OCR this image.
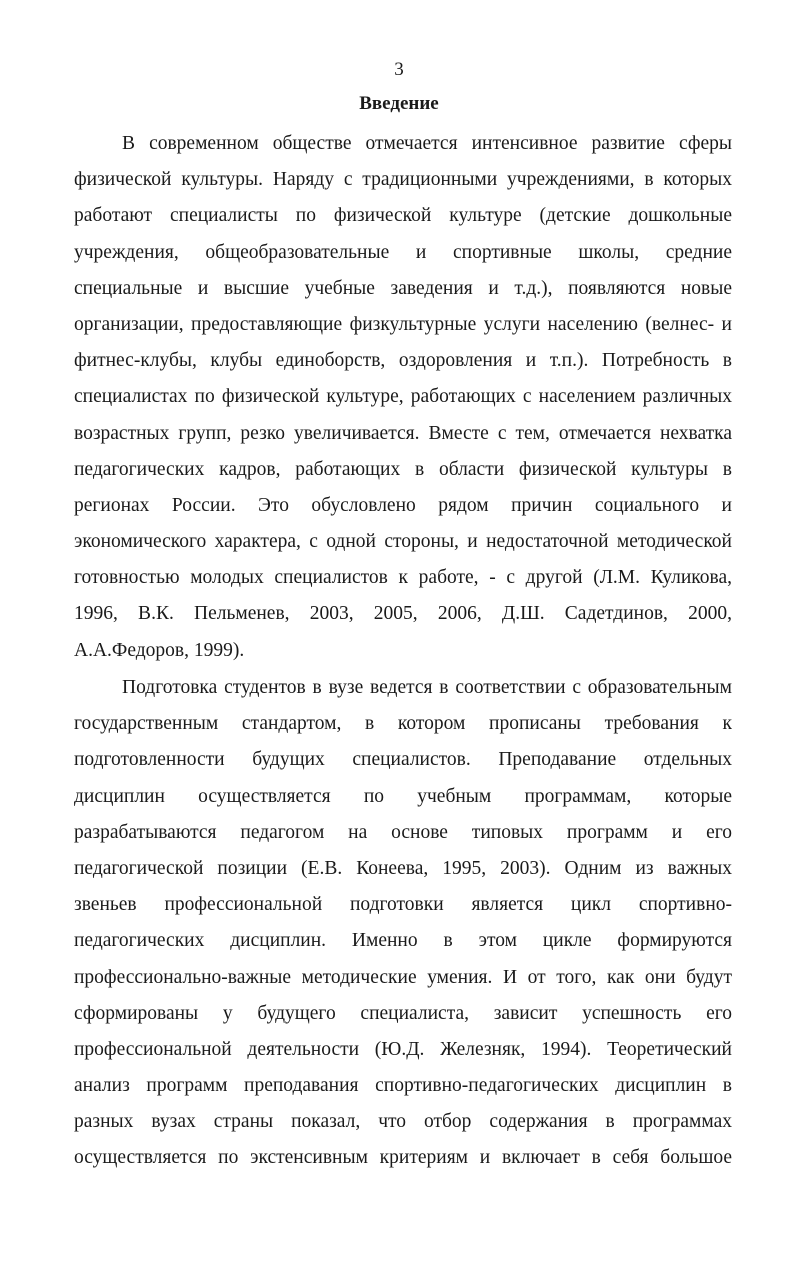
3
Введение
В современном обществе отмечается интенсивное развитие сферы
физической культуры. Наряду с традиционными учреждениями, в которых
работают специалисты по физической культуре (детские дошкольные
учреждения, общеобразовательные и спортивные школы, средние
специальные и высшие учебные заведения и т.д.), появляются новые
организации, предоставляющие физкультурные услуги населению (велнес- и
фитнес-клубы, клубы единоборств, оздоровления и т.п.). Потребность в
специалистах по физической культуре, работающих с населением различных
возрастных групп, резко увеличивается. Вместе с тем, отмечается нехватка
педагогических кадров, работающих в области физической культуры в
регионах России. Это обусловлено рядом причин социального и
экономического характера, с одной стороны, и недостаточной методической
готовностью молодых специалистов к работе, - с другой (Л.М. Куликова,
1996, В.К. Пельменев, 2003, 2005, 2006, Д.Ш. Садетдинов, 2000,
А.А.Федоров, 1999).
Подготовка студентов в вузе ведется в соответствии с образовательным
государственным стандартом, в котором прописаны требования к
подготовленности будущих специалистов. Преподавание отдельных
дисциплин осуществляется по учебным программам, которые
разрабатываются педагогом на основе типовых программ и его
педагогической позиции (Е.В. Конеева, 1995, 2003). Одним из важных
звеньев профессиональной подготовки является цикл спортивно-
педагогических дисциплин. Именно в этом цикле формируются
профессионально-важные методические умения. И от того, как они будут
сформированы у будущего специалиста, зависит успешность его
профессиональной деятельности (Ю.Д. Железняк, 1994). Теоретический
анализ программ преподавания спортивно-педагогических дисциплин в
разных вузах страны показал, что отбор содержания в программах
осуществляется по экстенсивным критериям и включает в себя большое
